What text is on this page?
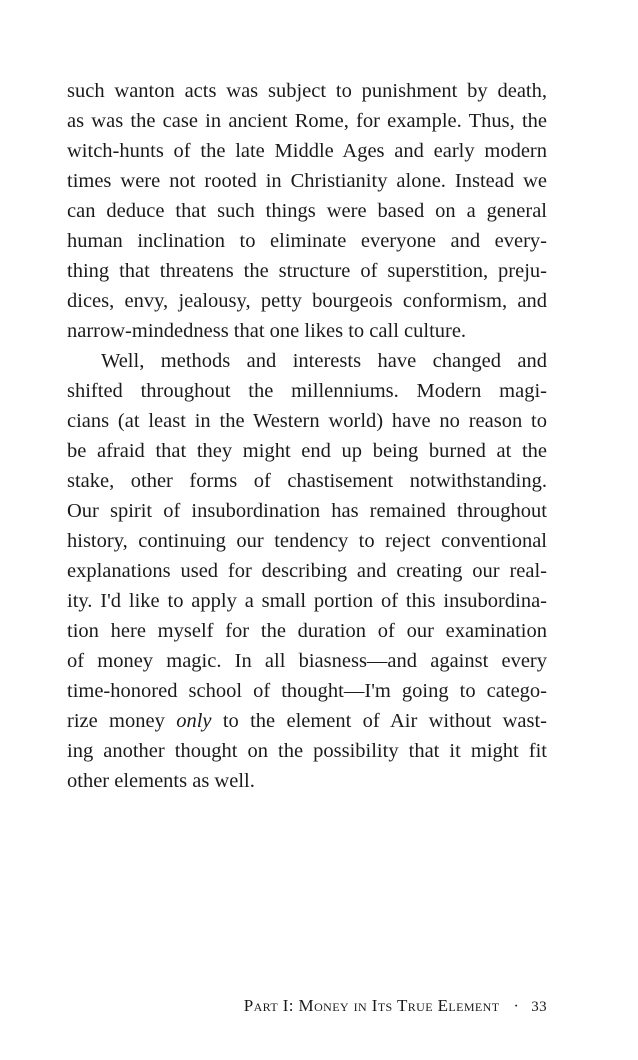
such wanton acts was subject to punishment by death,
as was the case in ancient Rome, for example. Thus, the
witch-hunts of the late Middle Ages and early modern
times were not rooted in Christianity alone. Instead we
can deduce that such things were based on a general
human inclination to eliminate everyone and every-
thing that threatens the structure of superstition, preju-
dices, envy, jealousy, petty bourgeois conformism, and
narrow-mindedness that one likes to call culture.
Well, methods and interests have changed and
shifted throughout the millenniums. Modern magi-
cians (at least in the Western world) have no reason to
be afraid that they might end up being burned at the
stake, other forms of chastisement notwithstanding.
Our spirit of insubordination has remained throughout
history, continuing our tendency to reject conventional
explanations used for describing and creating our real-
ity. I'd like to apply a small portion of this insubordina-
tion here myself for the duration of our examination
of money magic. In all biasness—and against every
time-honored school of thought—I'm going to catego-
rize money only to the element of Air without wast-
ing another thought on the possibility that it might fit
other elements as well.
Part I: Money in Its True Element · 33
